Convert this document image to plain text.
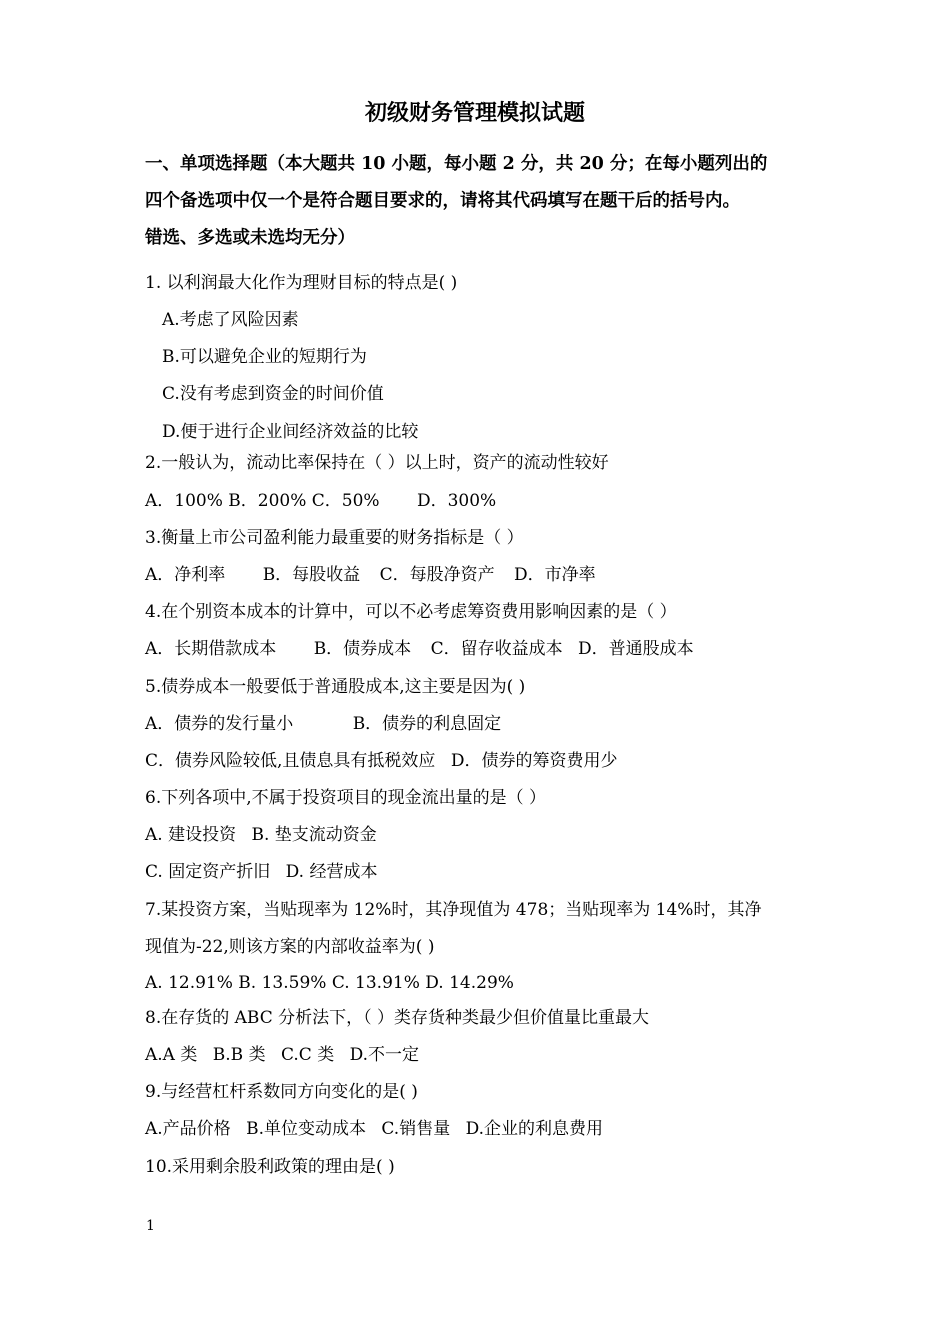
初级财务管理模拟试题
一、单项选择题（本大题共 10 小题，每小题 2 分，共 20 分；在每小题列出的
四个备选项中仅一个是符合题目要求的，请将其代码填写在题干后的括号内。
错选、多选或未选均无分）
1. 以利润最大化作为理财目标的特点是( )
A.考虑了风险因素
B.可以避免企业的短期行为
C.没有考虑到资金的时间价值
D.便于进行企业间经济效益的比较
2.一般认为，流动比率保持在（ ）以上时，资产的流动性较好
A．100% B．200% C．50% D．300%
3.衡量上市公司盈利能力最重要的财务指标是（ ）
A．净利率 B．每股收益 C．每股净资产 D．市净率
4.在个别资本成本的计算中，可以不必考虑筹资费用影响因素的是（ ）
A．长期借款成本 B．债券成本 C．留存收益成本 D．普通股成本
5.债券成本一般要低于普通股成本,这主要是因为( )
A．债券的发行量小	B．债券的利息固定
C．债券风险较低,且债息具有抵税效应 D．债券的筹资费用少
6.下列各项中,不属于投资项目的现金流出量的是（ ）
A. 建设投资 B. 垫支流动资金
C. 固定资产折旧 D. 经营成本
7.某投资方案，当贴现率为 12%时，其净现值为 478；当贴现率为 14%时，其净
现值为-22,则该方案的内部收益率为( )
A. 12.91% B. 13.59% C. 13.91% D. 14.29%
8.在存货的 ABC 分析法下，（ ）类存货种类最少但价值量比重最大
A.A 类 B.B 类 C.C 类 D.不一定
9.与经营杠杆系数同方向变化的是( )
A.产品价格 B.单位变动成本 C.销售量 D.企业的利息费用
10.采用剩余股利政策的理由是( )
1
